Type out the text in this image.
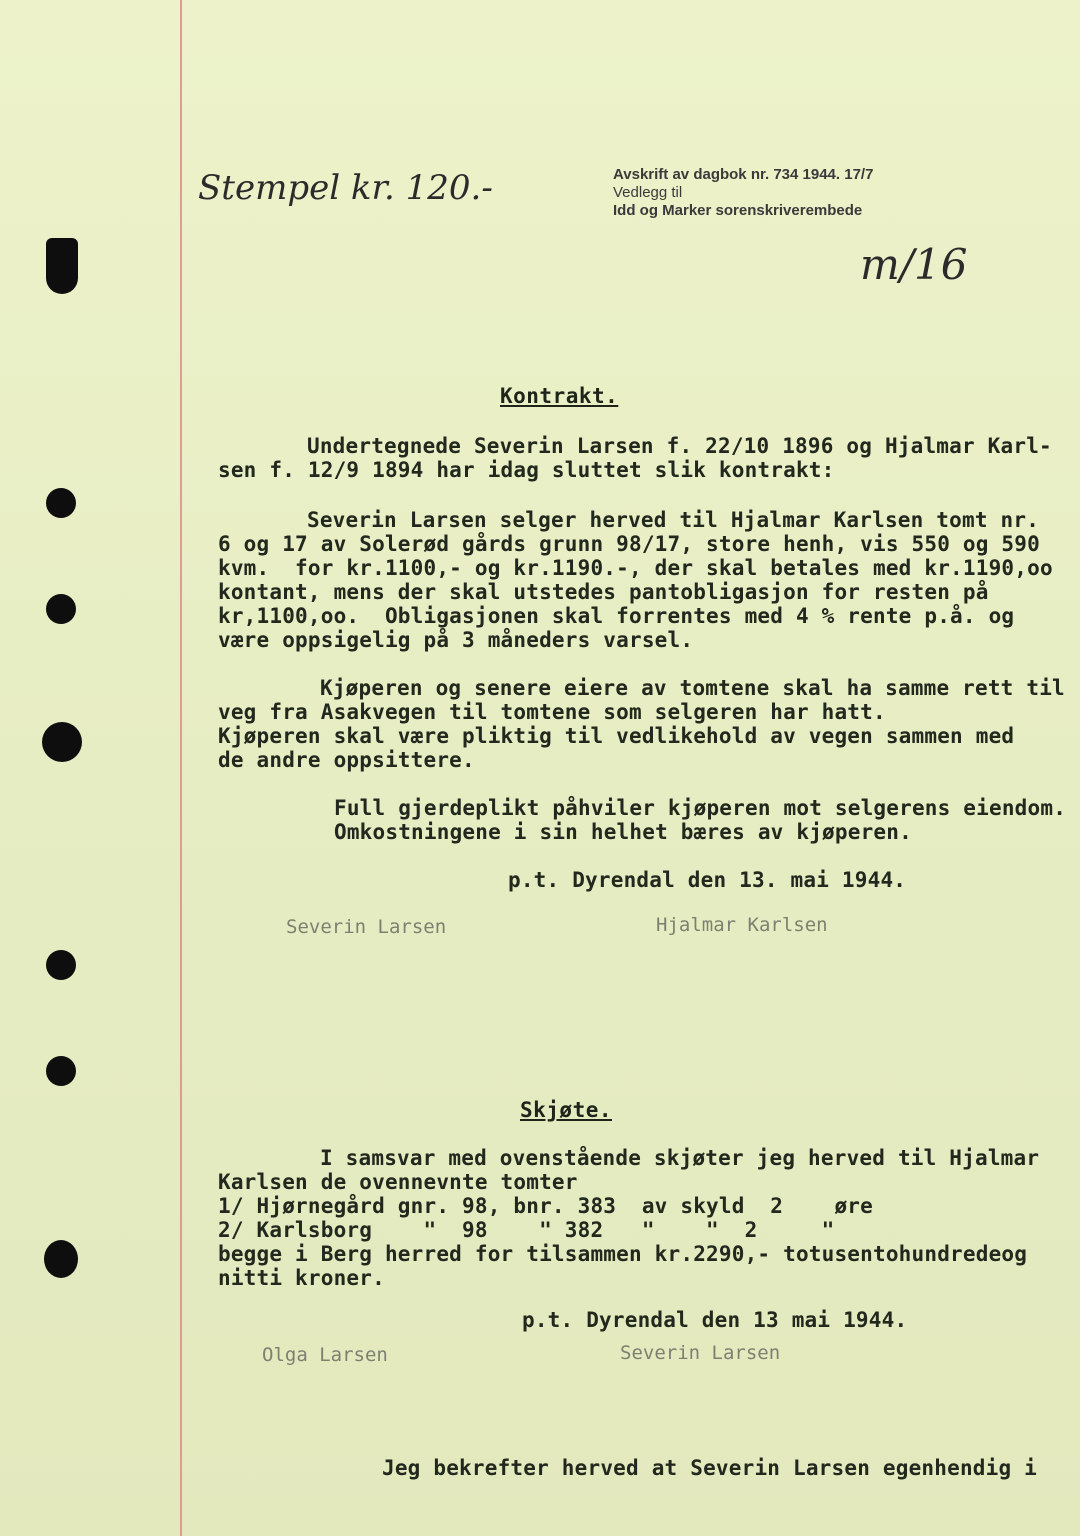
Stempel kr. 120.-	Avskrift av dagbok nr. 734 1944. 17/7
Vedlegg til
Idd og Marker sorenskriverembede
m/16
Kontrakt.
Undertegnede Severin Larsen f. 22/10 1896 og Hjalmar Karl-
sen f. 12/9 1894 har idag sluttet slik kontrakt:
Severin Larsen selger herved til Hjalmar Karlsen tomt nr.
6 og 17 av Solerød gårds grunn 98/17, store henh, vis 550 og 590
kvm.  for kr.1100,- og kr.1190.-, der skal betales med kr.1190,oo
kontant, mens der skal utstedes pantobligasjon for resten på
kr,1100,oo.  Obligasjonen skal forrentes med 4 % rente p.å. og
være oppsigelig på 3 måneders varsel.
Kjøperen og senere eiere av tomtene skal ha samme rett til
veg fra Asakvegen til tomtene som selgeren har hatt.
Kjøperen skal være pliktig til vedlikehold av vegen sammen med
de andre oppsittere.
Full gjerdeplikt påhviler kjøperen mot selgerens eiendom.
Omkostningene i sin helhet bæres av kjøperen.
p.t. Dyrendal den 13. mai 1944.
Severin Larsen	Hjalmar Karlsen
Skjøte.
I samsvar med ovenstående skjøter jeg herved til Hjalmar
Karlsen de ovennevnte tomter
1/ Hjørnegård gnr. 98, bnr. 383  av skyld  2    øre
2/ Karlsborg    "  98    " 382   "    "  2     "
begge i Berg herred for tilsammen kr.2290,- totusentohundredeog
nitti kroner.
p.t. Dyrendal den 13 mai 1944.
Olga Larsen	Severin Larsen
Jeg bekrefter herved at Severin Larsen egenhendig i
